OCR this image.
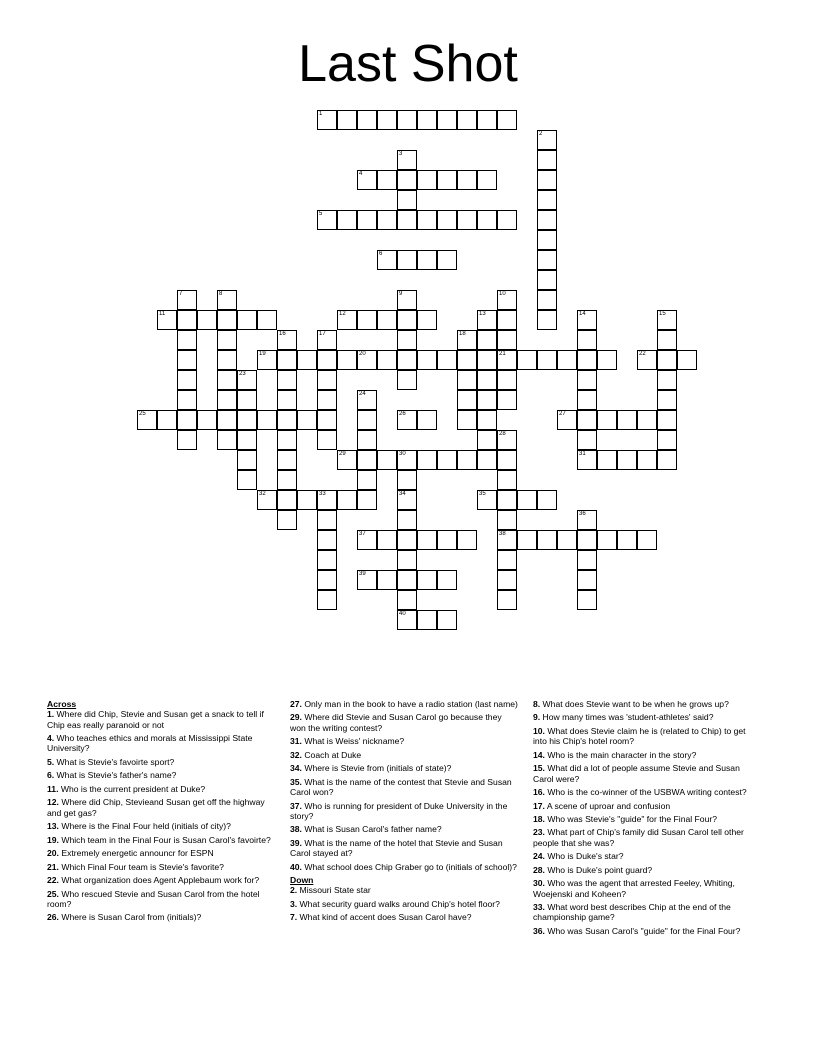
Last Shot
1
4
5
6
11	12
19	20	21	22
25	26	27
29	30	31
32	33	35
37	38
39
40
2
3
7	8	9	10
13	14	15
16	17	18
23
24
28
34
36
Across
1. Where did Chip, Stevie and Susan get a snack to tell if Chip eas really paranoid or not
4. Who teaches ethics and morals at Mississippi State University?
5. What is Stevie's favoirte sport?
6. What is Stevie's father's name?
11. Who is the current president at Duke?
12. Where did Chip, Stevieand Susan get off the highway and get gas?
13. Where is the Final Four held (initials of city)?
19. Which team in the Final Four is Susan Carol's favoirte?
20. Extremely energetic announcr for ESPN
21. Which Final Four team is Stevie's favorite?
22. What organization does Agent Applebaum work for?
25. Who rescued Stevie and Susan Carol from the hotel room?
26. Where is Susan Carol from (initials)?
27. Only man in the book to have a radio station (last name)
29. Where did Stevie and Susan Carol go because they won the writing contest?
31. What is Weiss' nickname?
32. Coach at Duke
34. Where is Stevie from (initials of state)?
35. What is the name of the contest that Stevie and Susan Carol won?
37. Who is running for president of Duke University in the story?
38. What is Susan Carol's father name?
39. What is the name of the hotel that Stevie and Susan Carol stayed at?
40. What school does Chip Graber go to (initials of school)?
Down
2. Missouri State star
3. What security guard walks around Chip's hotel floor?
7. What kind of accent does Susan Carol have?
8. What does Stevie want to be when he grows up?
9. How many times was 'student-athletes' said?
10. What does Stevie claim he is (related to Chip) to get into his Chip's hotel room?
14. Who is the main character in the story?
15. What did a lot of people assume Stevie and Susan Carol were?
16. Who is the co-winner of the USBWA writing contest?
17. A scene of uproar and confusion
18. Who was Stevie's "guide" for the Final Four?
23. What part of Chip's family did Susan Carol tell other people that she was?
24. Who is Duke's star?
28. Who is Duke's point guard?
30. Who was the agent that arrested Feeley, Whiting, Woejenski and Koheen?
33. What word best describes Chip at the end of the championship game?
36. Who was Susan Carol's "guide" for the Final Four?
